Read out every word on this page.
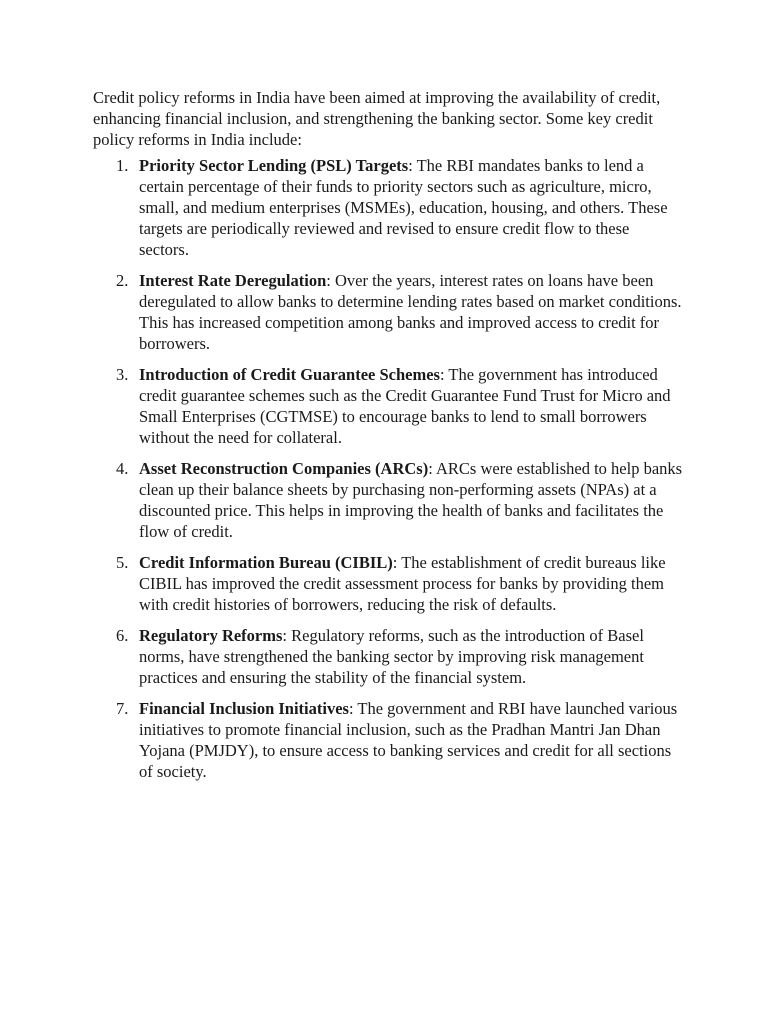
Credit policy reforms in India have been aimed at improving the availability of credit, enhancing financial inclusion, and strengthening the banking sector. Some key credit policy reforms in India include:

1. Priority Sector Lending (PSL) Targets: The RBI mandates banks to lend a certain percentage of their funds to priority sectors such as agriculture, micro, small, and medium enterprises (MSMEs), education, housing, and others. These targets are periodically reviewed and revised to ensure credit flow to these sectors.
2. Interest Rate Deregulation: Over the years, interest rates on loans have been deregulated to allow banks to determine lending rates based on market conditions. This has increased competition among banks and improved access to credit for borrowers.
3. Introduction of Credit Guarantee Schemes: The government has introduced credit guarantee schemes such as the Credit Guarantee Fund Trust for Micro and Small Enterprises (CGTMSE) to encourage banks to lend to small borrowers without the need for collateral.
4. Asset Reconstruction Companies (ARCs): ARCs were established to help banks clean up their balance sheets by purchasing non-performing assets (NPAs) at a discounted price. This helps in improving the health of banks and facilitates the flow of credit.
5. Credit Information Bureau (CIBIL): The establishment of credit bureaus like CIBIL has improved the credit assessment process for banks by providing them with credit histories of borrowers, reducing the risk of defaults.
6. Regulatory Reforms: Regulatory reforms, such as the introduction of Basel norms, have strengthened the banking sector by improving risk management practices and ensuring the stability of the financial system.
7. Financial Inclusion Initiatives: The government and RBI have launched various initiatives to promote financial inclusion, such as the Pradhan Mantri Jan Dhan Yojana (PMJDY), to ensure access to banking services and credit for all sections of society.
